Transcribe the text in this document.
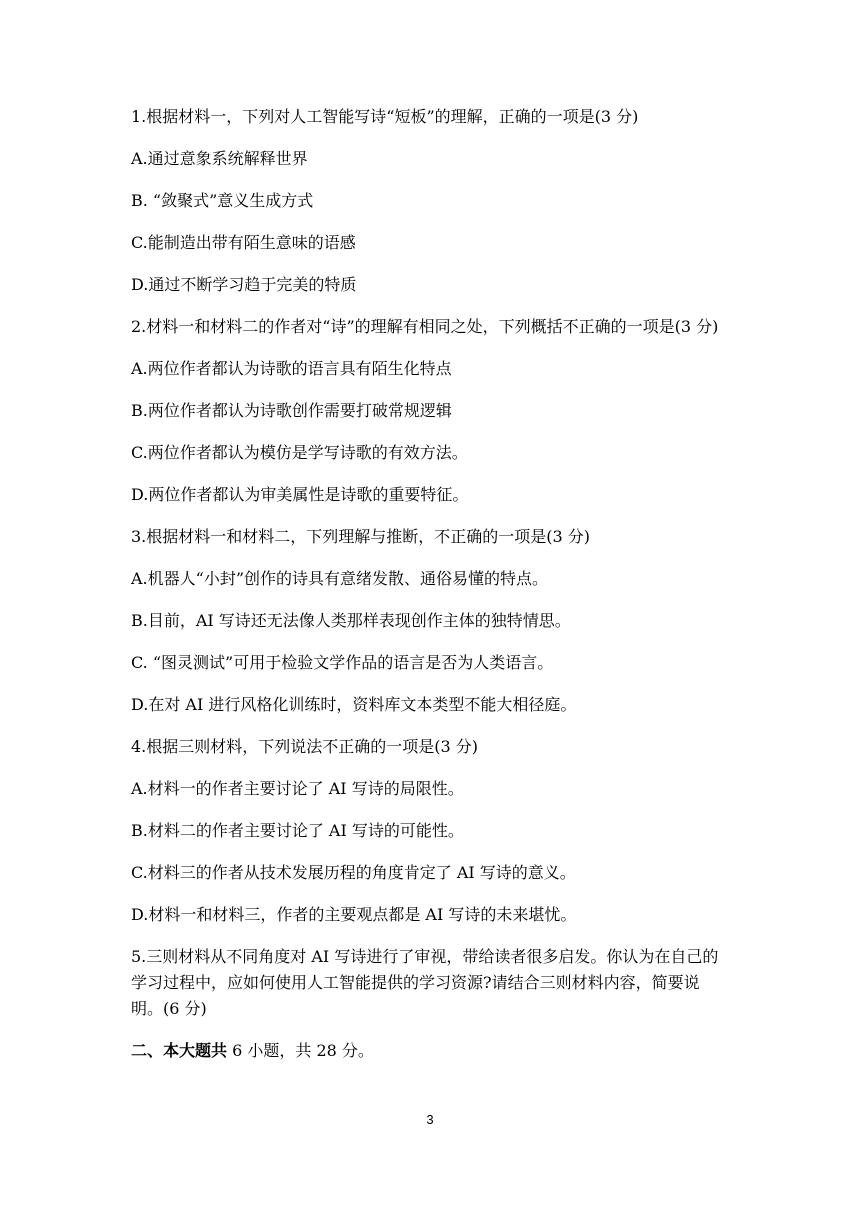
1.根据材料一，下列对人工智能写诗“短板”的理解，正确的一项是(3 分)

A.通过意象系统解释世界

B. “敛聚式”意义生成方式

C.能制造出带有陌生意味的语感

D.通过不断学习趋于完美的特质

2.材料一和材料二的作者对“诗”的理解有相同之处，下列概括不正确的一项是(3 分)

A.两位作者都认为诗歌的语言具有陌生化特点

B.两位作者都认为诗歌创作需要打破常规逻辑

C.两位作者都认为模仿是学写诗歌的有效方法。

D.两位作者都认为审美属性是诗歌的重要特征。

3.根据材料一和材料二，下列理解与推断，不正确的一项是(3 分)

A.机器人“小封”创作的诗具有意绪发散、通俗易懂的特点。

B.目前，AI 写诗还无法像人类那样表现创作主体的独特情思。

C. “图灵测试”可用于检验文学作品的语言是否为人类语言。

D.在对 AI 进行风格化训练时，资料库文本类型不能大相径庭。

4.根据三则材料，下列说法不正确的一项是(3 分)

A.材料一的作者主要讨论了 AI 写诗的局限性。

B.材料二的作者主要讨论了 AI 写诗的可能性。

C.材料三的作者从技术发展历程的角度肯定了 AI 写诗的意义。

D.材料一和材料三，作者的主要观点都是 AI 写诗的未来堪忧。

5.三则材料从不同角度对 AI 写诗进行了审视，带给读者很多启发。你认为在自己的学习过程中，应如何使用人工智能提供的学习资源?请结合三则材料内容，简要说明。(6 分)

二、本大题共 6 小题，共 28 分。

3
